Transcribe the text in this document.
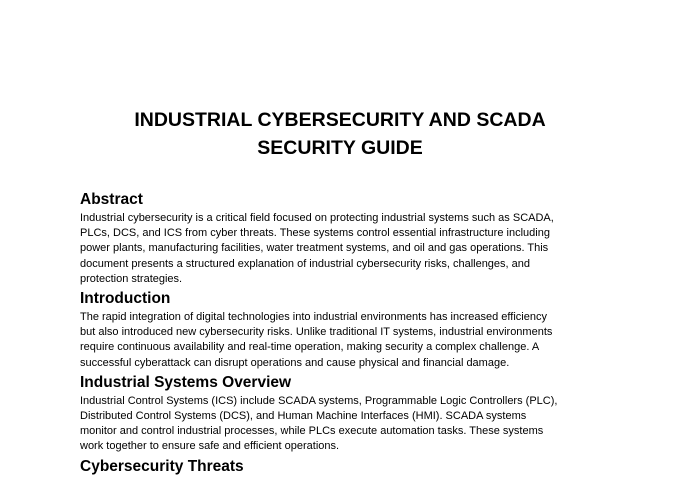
INDUSTRIAL CYBERSECURITY AND SCADA
SECURITY GUIDE
Abstract

Industrial cybersecurity is a critical field focused on protecting industrial systems such as SCADA,
PLCs, DCS, and ICS from cyber threats. These systems control essential infrastructure including
power plants, manufacturing facilities, water treatment systems, and oil and gas operations. This
document presents a structured explanation of industrial cybersecurity risks, challenges, and
protection strategies.

Introduction

The rapid integration of digital technologies into industrial environments has increased efficiency
but also introduced new cybersecurity risks. Unlike traditional IT systems, industrial environments
require continuous availability and real-time operation, making security a complex challenge. A
successful cyberattack can disrupt operations and cause physical and financial damage.

Industrial Systems Overview

Industrial Control Systems (ICS) include SCADA systems, Programmable Logic Controllers (PLC),
Distributed Control Systems (DCS), and Human Machine Interfaces (HMI). SCADA systems
monitor and control industrial processes, while PLCs execute automation tasks. These systems
work together to ensure safe and efficient operations.

Cybersecurity Threats
